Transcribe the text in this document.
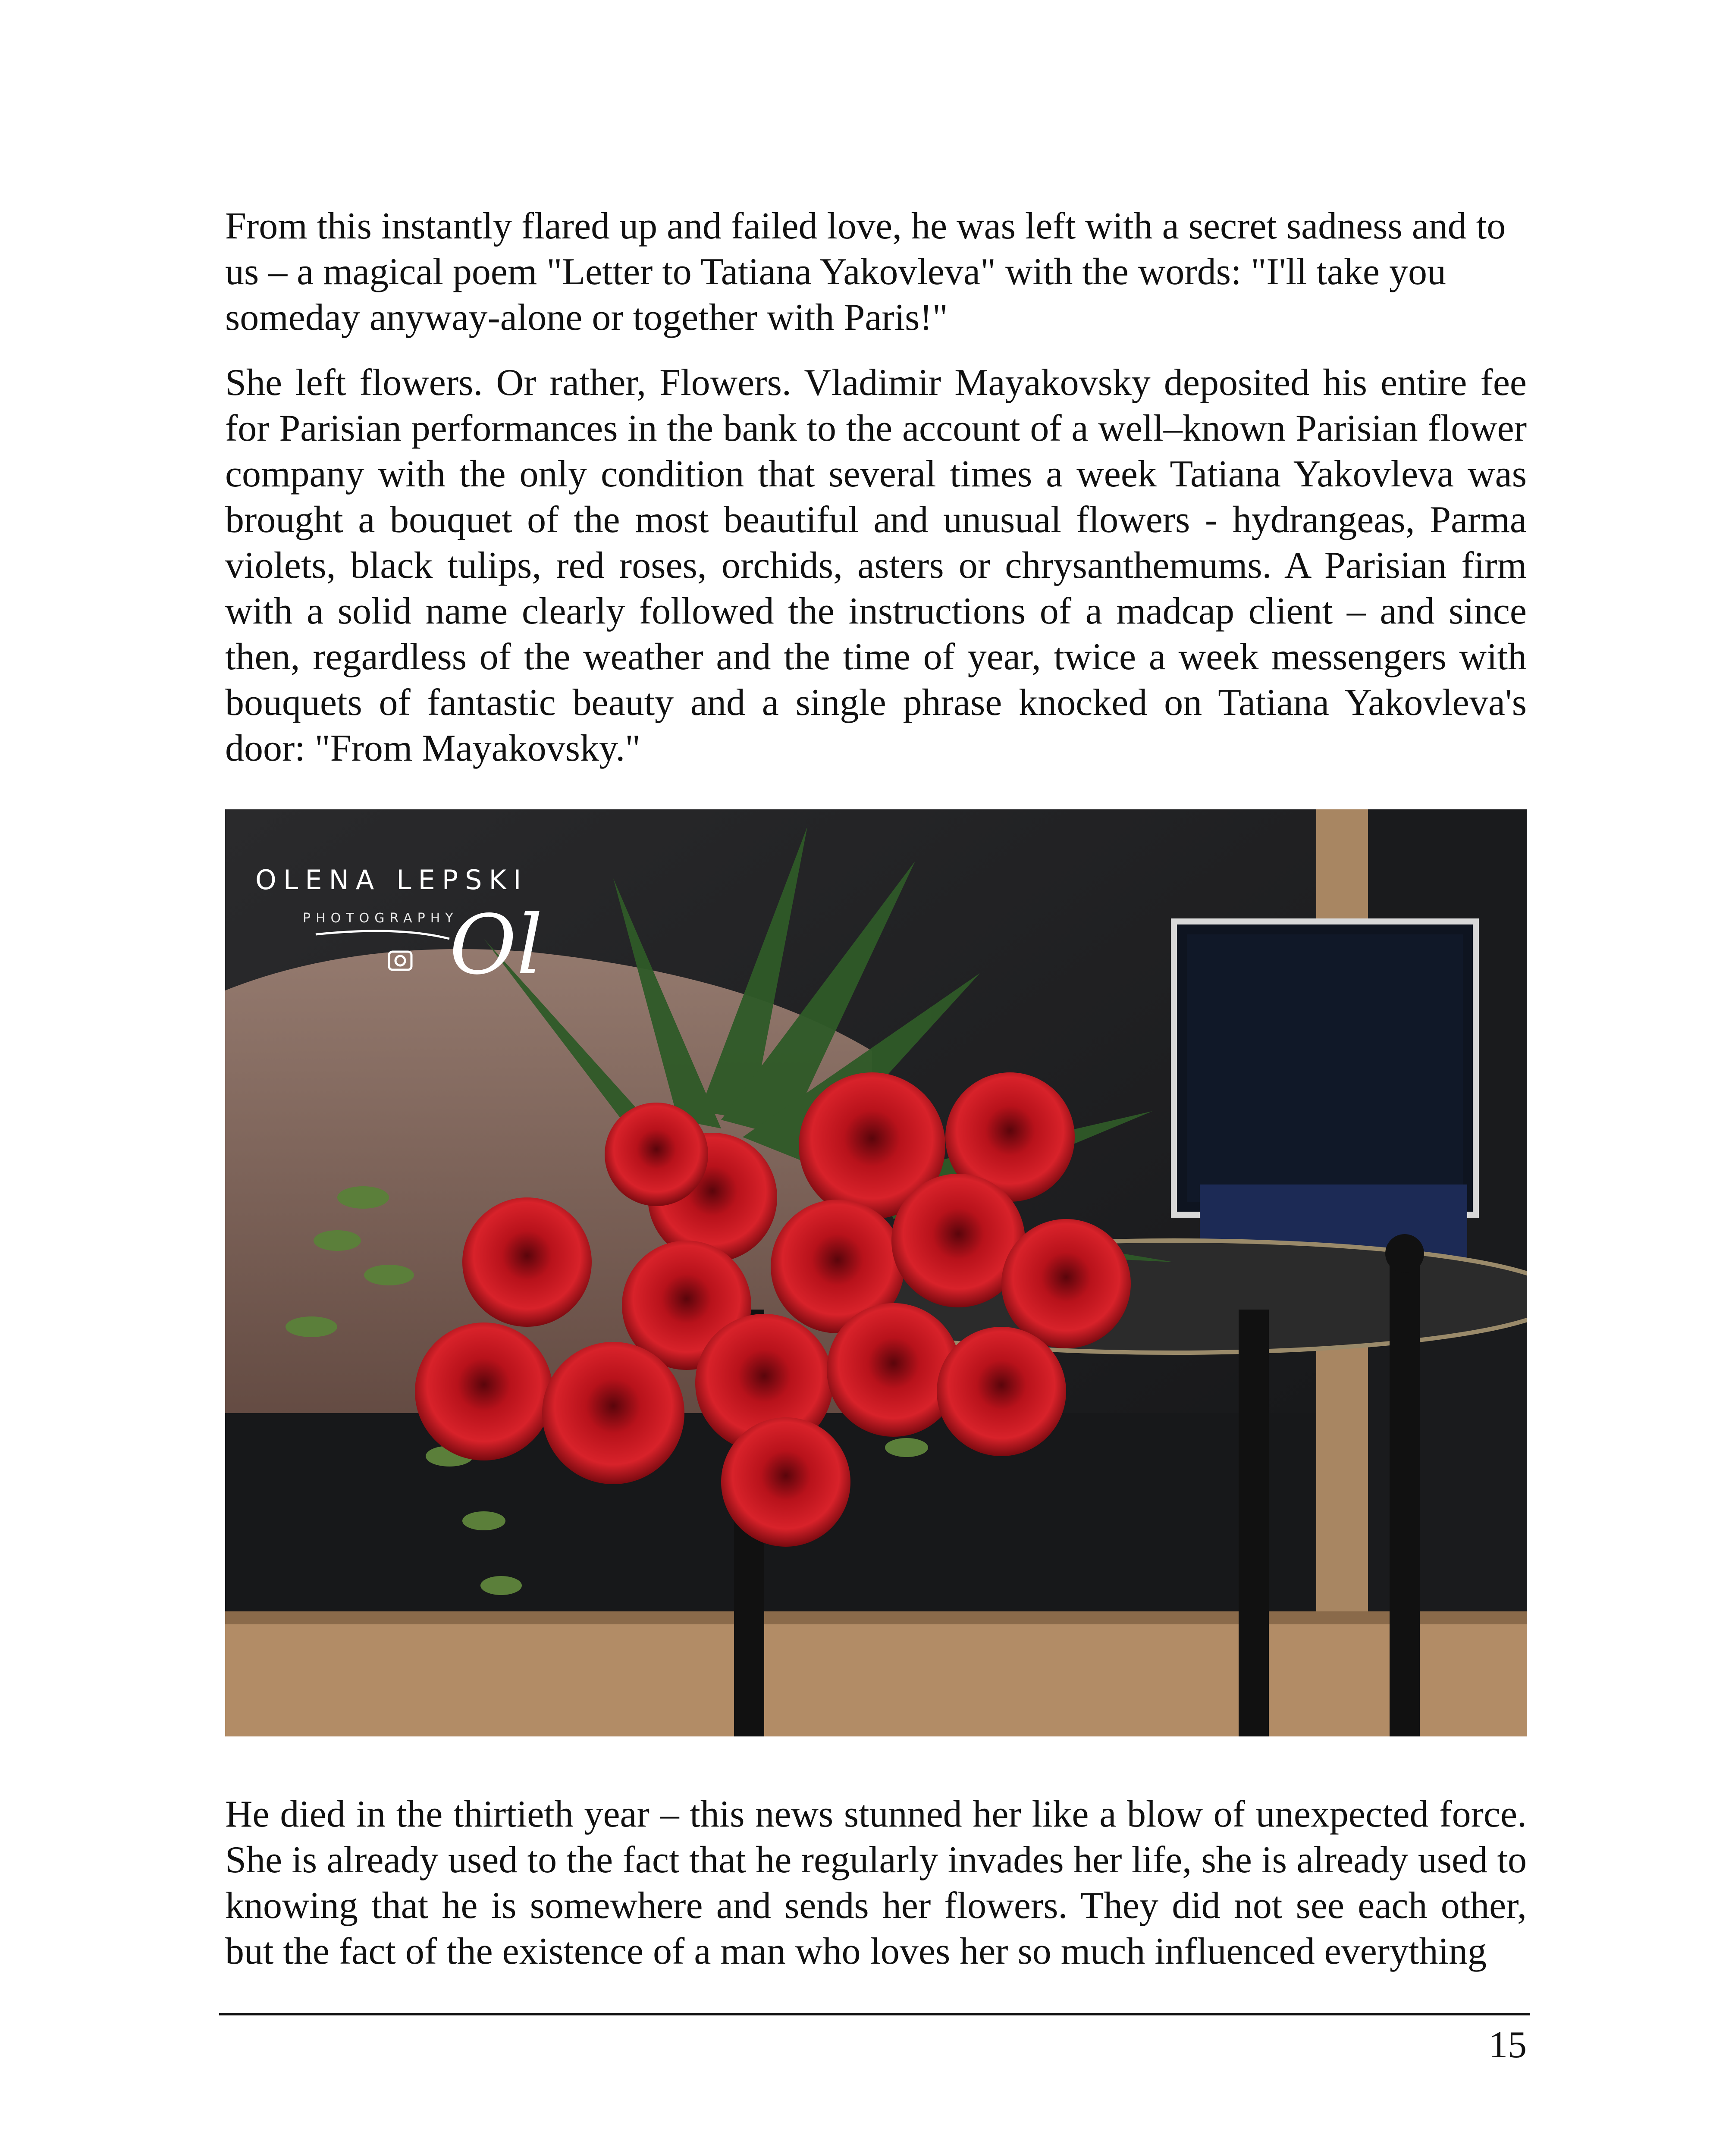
From this instantly flared up and failed love, he was left with a secret sadness and to us – a magical poem "Letter to Tatiana Yakovleva" with the words: "I'll take you someday anyway-alone or together with Paris!"

She left flowers. Or rather, Flowers. Vladimir Mayakovsky deposited his entire fee for Parisian performances in the bank to the account of a well–known Parisian flower company with the only condition that several times a week Tatiana Yakovleva was brought a bouquet of the most beautiful and unusual flowers - hydrangeas, Parma violets, black tulips, red roses, orchids, asters or chrysanthemums. A Parisian firm with a solid name clearly followed the instructions of a madcap client – and since then, regardless of the weather and the time of year, twice a week messengers with bouquets of fantastic beauty and a single phrase knocked on Tatiana Yakovleva's door: "From Mayakovsky."

OLENA LEPSKI
PHOTOGRAPHY
Ol

He died in the thirtieth year – this news stunned her like a blow of unexpected force. She is already used to the fact that he regularly invades her life, she is already used to knowing that he is somewhere and sends her flowers. They did not see each other, but the fact of the existence of a man who loves her so much influenced everything

15
